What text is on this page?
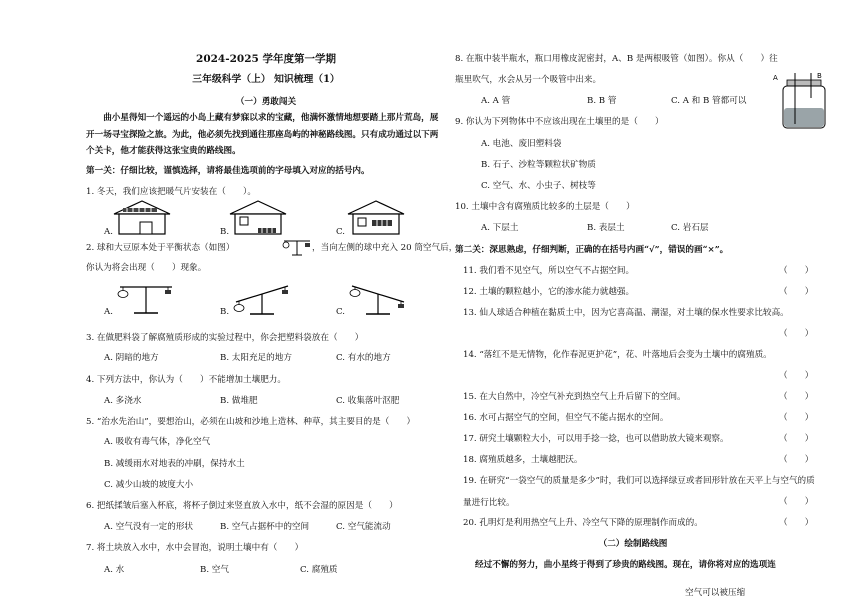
2024-2025 学年度第一学期
三年级科学（上） 知识梳理（1）
（一）勇敢闯关
曲小星得知一个遥远的小岛上藏有梦寐以求的宝藏，他满怀激情地想要踏上那片荒岛，展开一场寻宝探险之旅。为此，他必须先找到通往那座岛屿的神秘路线图。只有成功通过以下两个关卡，他才能获得这张宝贵的路线图。
第一关：仔细比较，谨慎选择，请将最佳选项前的字母填入对应的括号内。
1. 冬天，我们应该把暖气片安装在（　　）。
A.	B.	C.
2. 球和大豆原本处于平衡状态（如图）	，当向左侧的球中充入 20 筒空气后，
你认为将会出现（　　）现象。
A.	B.	C.
3. 在做肥料袋了解腐殖质形成的实验过程中，你会把塑料袋放在（　　）
A. 阴暗的地方	B. 太阳充足的地方	C. 有水的地方
4. 下列方法中，你认为（　　）不能增加土壤肥力。
A. 多浇水	B. 做堆肥	C. 收集落叶沤肥
5. “治水先治山”，要想治山，必须在山坡和沙地上造林、种草，其主要目的是（　　）
A. 吸收有毒气体，净化空气
B. 减缓雨水对地表的冲刷，保持水土
C. 减少山坡的坡度大小
6. 把纸揉皱后塞入杯底，将杯子倒过来竖直放入水中，纸不会湿的原因是（　　）
A. 空气没有一定的形状	B. 空气占据杯中的空间	C. 空气能流动
7. 将土块放入水中，水中会冒泡，说明土壤中有（　　）
A. 水	B. 空气	C. 腐殖质
8. 在瓶中装半瓶水，瓶口用橡皮泥密封，A、B 是两根吸管（如图）。你从（　　）往
瓶里吹气，水会从另一个吸管中出来。
A. A 管	B. B 管	C. A 和 B 管都可以
A	B
9. 你认为下列物体中不应该出现在土壤里的是（　　）
A. 电池、废旧塑料袋
B. 石子、沙粒等颗粒状矿物质
C. 空气、水、小虫子、树枝等
10. 土壤中含有腐殖质比较多的土层是（　　）
A. 下层土	B. 表层土	C. 岩石层
第二关：深思熟虑，仔细判断，正确的在括号内画“√”，错误的画“×”。
11. 我们看不见空气，所以空气不占据空间。	（　　）
12. 土壤的颗粒越小，它的渗水能力就越强。	（　　）
13. 仙人球适合种植在黏质土中，因为它喜高温、潮湿，对土壤的保水性要求比较高。
（　　）
14. “落红不是无情物，化作春泥更护花”，花、叶落地后会变为土壤中的腐殖质。
（　　）
15. 在大自然中，冷空气补充到热空气上升后留下的空间。	（　　）
16. 水可占据空气的空间，但空气不能占据水的空间。	（　　）
17. 研究土壤颗粒大小，可以用手捻一捻，也可以借助放大镜来观察。	（　　）
18. 腐殖质越多，土壤越肥沃。	（　　）
19. 在研究“一袋空气的质量是多少”时，我们可以选择绿豆或者回形针放在天平上与空气的质量进行比较。	（　　）
20. 孔明灯是利用热空气上升、冷空气下降的原理制作而成的。	（　　）
（二）绘制路线图
经过不懈的努力，曲小星终于得到了珍贵的路线图。现在，请你将对应的选项连
空气可以被压缩
